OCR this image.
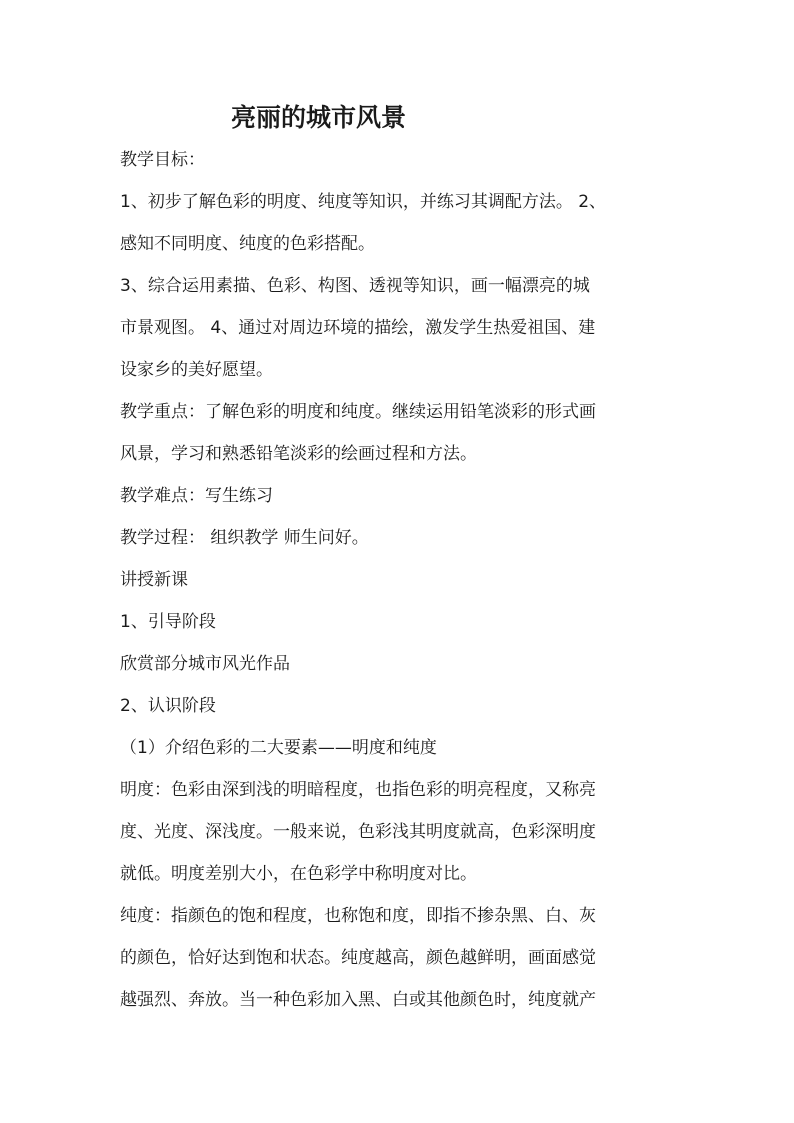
亮丽的城市风景
教学目标：
1、初步了解色彩的明度、纯度等知识，并练习其调配方法。 2、
感知不同明度、纯度的色彩搭配。
3、综合运用素描、色彩、构图、透视等知识，画一幅漂亮的城
市景观图。 4、通过对周边环境的描绘，激发学生热爱祖国、建
设家乡的美好愿望。
教学重点：了解色彩的明度和纯度。继续运用铅笔淡彩的形式画
风景，学习和熟悉铅笔淡彩的绘画过程和方法。
教学难点：写生练习
教学过程： 组织教学 师生问好。
讲授新课
1、引导阶段
欣赏部分城市风光作品
2、认识阶段
（1）介绍色彩的二大要素——明度和纯度
明度：色彩由深到浅的明暗程度，也指色彩的明亮程度，又称亮
度、光度、深浅度。一般来说，色彩浅其明度就高，色彩深明度
就低。明度差别大小，在色彩学中称明度对比。
纯度：指颜色的饱和程度，也称饱和度，即指不掺杂黑、白、灰
的颜色，恰好达到饱和状态。纯度越高，颜色越鲜明，画面感觉
越强烈、奔放。当一种色彩加入黑、白或其他颜色时，纯度就产
